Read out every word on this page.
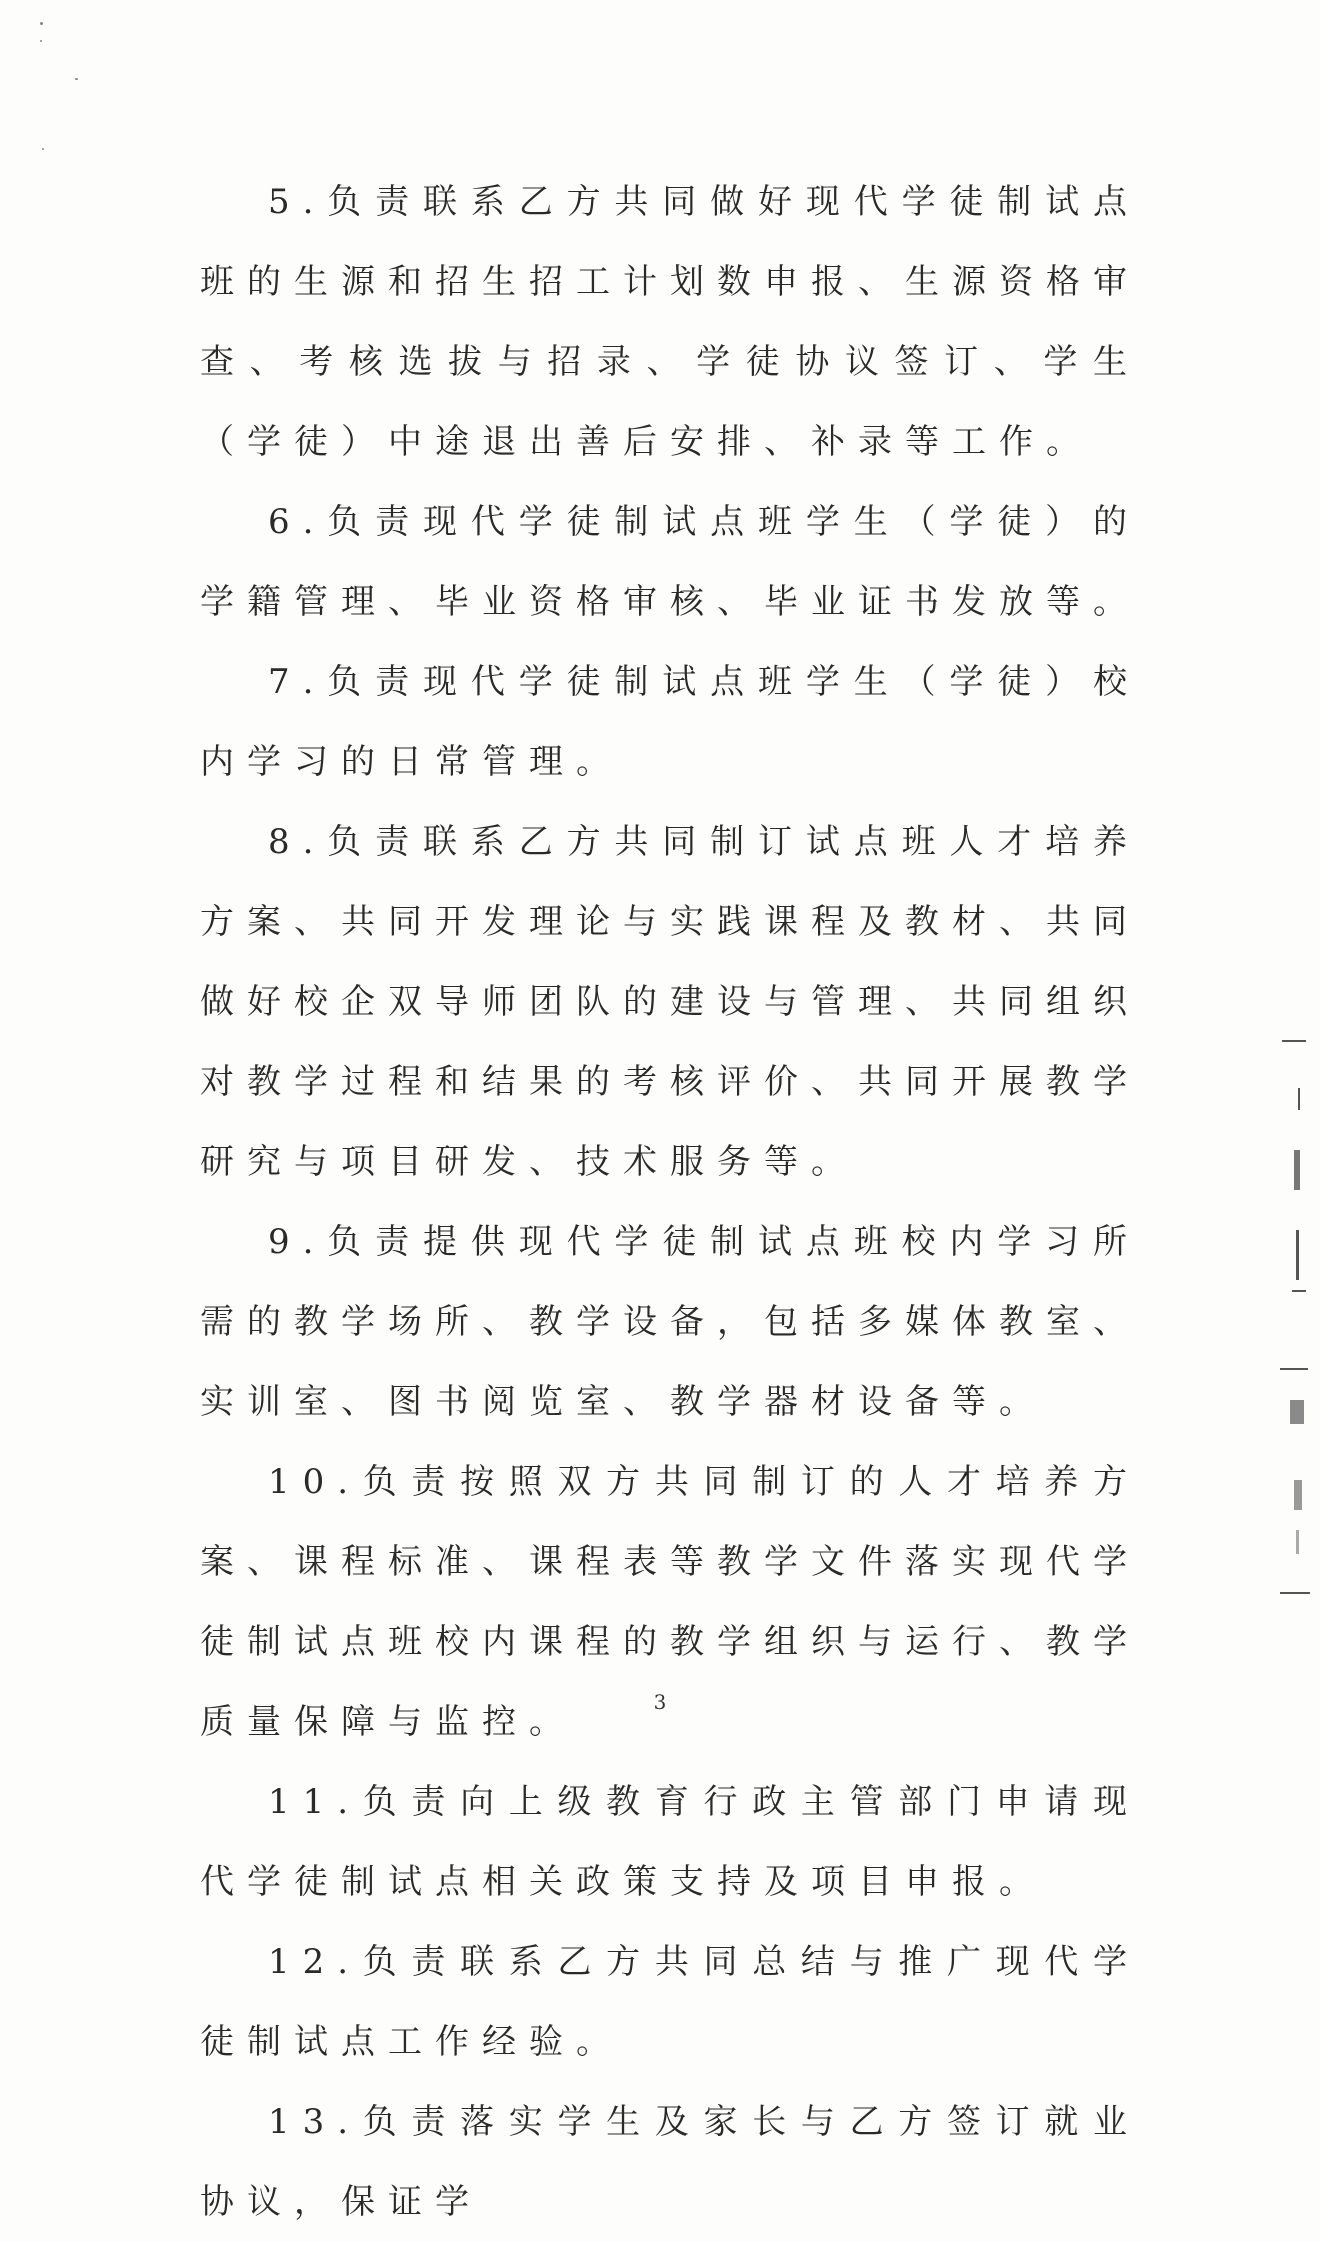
5.负责联系乙方共同做好现代学徒制试点班的生源和招生招工计划数申报、生源资格审查、考核选拔与招录、学徒协议签订、学生（学徒）中途退出善后安排、补录等工作。

6.负责现代学徒制试点班学生（学徒）的学籍管理、毕业资格审核、毕业证书发放等。

7.负责现代学徒制试点班学生（学徒）校内学习的日常管理。

8.负责联系乙方共同制订试点班人才培养方案、共同开发理论与实践课程及教材、共同做好校企双导师团队的建设与管理、共同组织对教学过程和结果的考核评价、共同开展教学研究与项目研发、技术服务等。

9.负责提供现代学徒制试点班校内学习所需的教学场所、教学设备，包括多媒体教室、实训室、图书阅览室、教学器材设备等。

10.负责按照双方共同制订的人才培养方案、课程标准、课程表等教学文件落实现代学徒制试点班校内课程的教学组织与运行、教学质量保障与监控。

11.负责向上级教育行政主管部门申请现代学徒制试点相关政策支持及项目申报。

12.负责联系乙方共同总结与推广现代学徒制试点工作经验。

13.负责落实学生及家长与乙方签订就业协议，保证学

3
